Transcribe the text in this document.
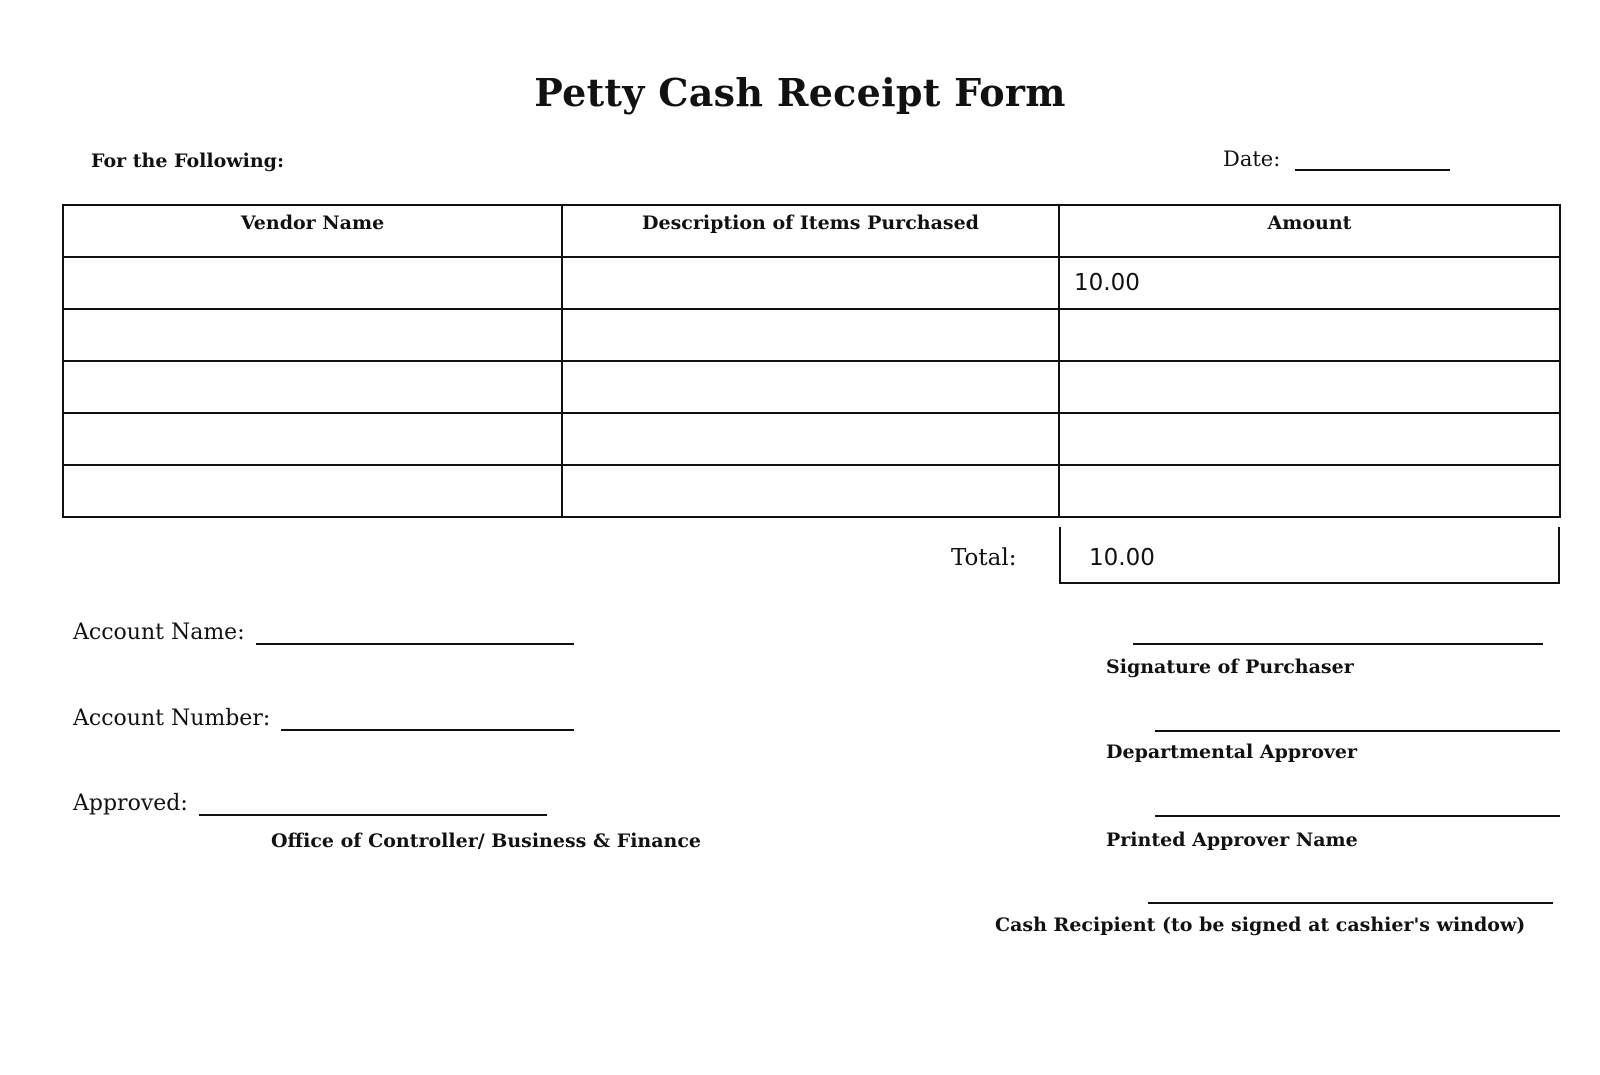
Petty Cash Receipt Form
For the Following:	Date:
Vendor Name	Description of Items Purchased	Amount
		10.00

Total:	10.00
Account Name:
Account Number:
Approved:
Office of Controller/ Business & Finance
Signature of Purchaser
Departmental Approver
Printed Approver Name
Cash Recipient (to be signed at cashier's window)
